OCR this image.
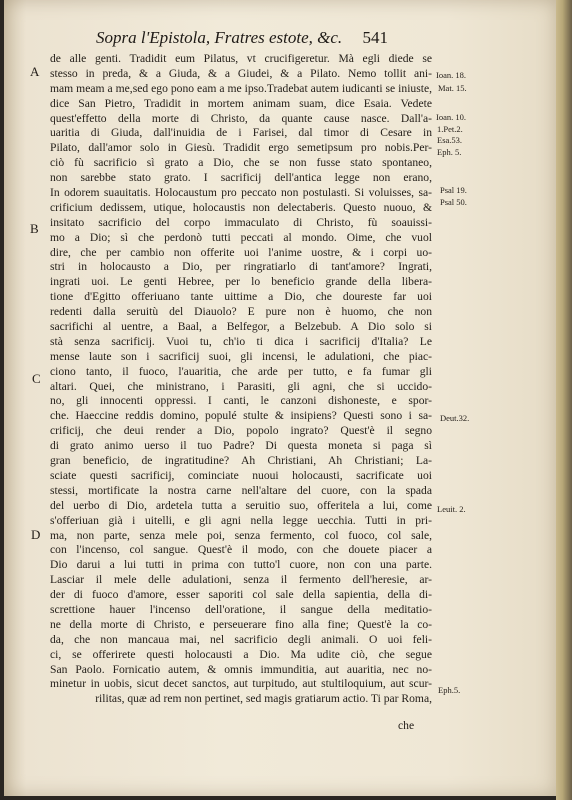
Sopra l'Epistola, Fratres estote, &c. 541
A
B
C
D
Ioan. 18.
Mat. 15.
Ioan. 10.
1.Pet.2.
Esa.53.
Eph. 5.
Psal 19.
Psal 50.
Deut.32.
Leuit. 2.
Eph.5.
de alle genti. Tradidit eum Pilatus, vt crucifigeretur. Mà egli diede se
stesso in preda, & a Giuda, & a Giudei, & a Pilato. Nemo tollit ani-
mam meam a me,sed ego pono eam a me ipso.Tradebat autem iudicanti se iniuste,
dice San Pietro, Tradidit in mortem animam suam, dice Esaia. Vedete
quest'effetto della morte di Christo, da quante cause nasce. Dall'a-
uaritia di Giuda, dall'inuidia de i Farisei, dal timor di Cesare in
Pilato, dall'amor solo in Giesù. Tradidit ergo semetipsum pro nobis.Per-
ciò fù sacrificio sì grato a Dio, che se non fusse stato spontaneo,
non sarebbe stato grato. I sacrificij dell'antica legge non erano,
In odorem suauitatis. Holocaustum pro peccato non postulasti. Si voluisses, sa-
crificium dedissem, utique, holocaustis non delectaberis. Questo nuouo, &
insitato sacrificio del corpo immaculato di Christo, fù soauissi-
mo a Dio; sì che perdonò tutti peccati al mondo. Oime, che vuol
dire, che per cambio non offerite uoi l'anime uostre, & i corpi uo-
stri in holocausto a Dio, per ringratiarlo di tant'amore? Ingrati,
ingrati uoi. Le genti Hebree, per lo beneficio grande della libera-
tione d'Egitto offeriuano tante uittime a Dio, che doureste far uoi
redenti dalla seruitù del Diauolo? E pure non è huomo, che non
sacrifichi al uentre, a Baal, a Belfegor, a Belzebub. A Dio solo si
stà senza sacrificij. Vuoi tu, ch'io ti dica i sacrificij d'Italia? Le
mense laute son i sacrificij suoi, gli incensi, le adulationi, che piac-
ciono tanto, il fuoco, l'auaritia, che arde per tutto, e fa fumar gli
altari. Quei, che ministrano, i Parasiti, gli agni, che si uccido-
no, gli innocenti oppressi. I canti, le canzoni dishoneste, e spor-
che. Haeccine reddis domino, populé stulte & insipiens? Questi sono i sa-
crificij, che deui render a Dio, popolo ingrato? Quest'è il segno
di grato animo uerso il tuo Padre? Di questa moneta si paga sì
gran beneficio, de ingratitudine? Ah Christiani, Ah Christiani; La-
sciate questi sacrificij, cominciate nuoui holocausti, sacrificate uoi
stessi, mortificate la nostra carne nell'altare del cuore, con la spada
del uerbo di Dio, ardetela tutta a seruitio suo, offeritela a lui, come
s'offeriuan già i uitelli, e gli agni nella legge uecchia. Tutti in pri-
ma, non parte, senza mele poi, senza fermento, col fuoco, col sale,
con l'incenso, col sangue. Quest'è il modo, con che douete piacer a
Dio darui a lui tutti in prima con tutto'l cuore, non con una parte.
Lasciar il mele delle adulationi, senza il fermento dell'heresie, ar-
der di fuoco d'amore, esser saporiti col sale della sapientia, della di-
screttione hauer l'incenso dell'oratione, il sangue della meditatio-
ne della morte di Christo, e perseuerare fino alla fine; Quest'è la co-
da, che non mancaua mai, nel sacrificio degli animali. O uoi feli-
ci, se offerirete questi holocausti a Dio. Ma udite ciò, che segue
San Paolo. Fornicatio autem, & omnis immunditia, aut auaritia, nec no-
minetur in uobis, sicut decet sanctos, aut turpitudo, aut stultiloquium, aut scur-
rilitas, quæ ad rem non pertinet, sed magis gratiarum actio. Ti par Roma,
che
